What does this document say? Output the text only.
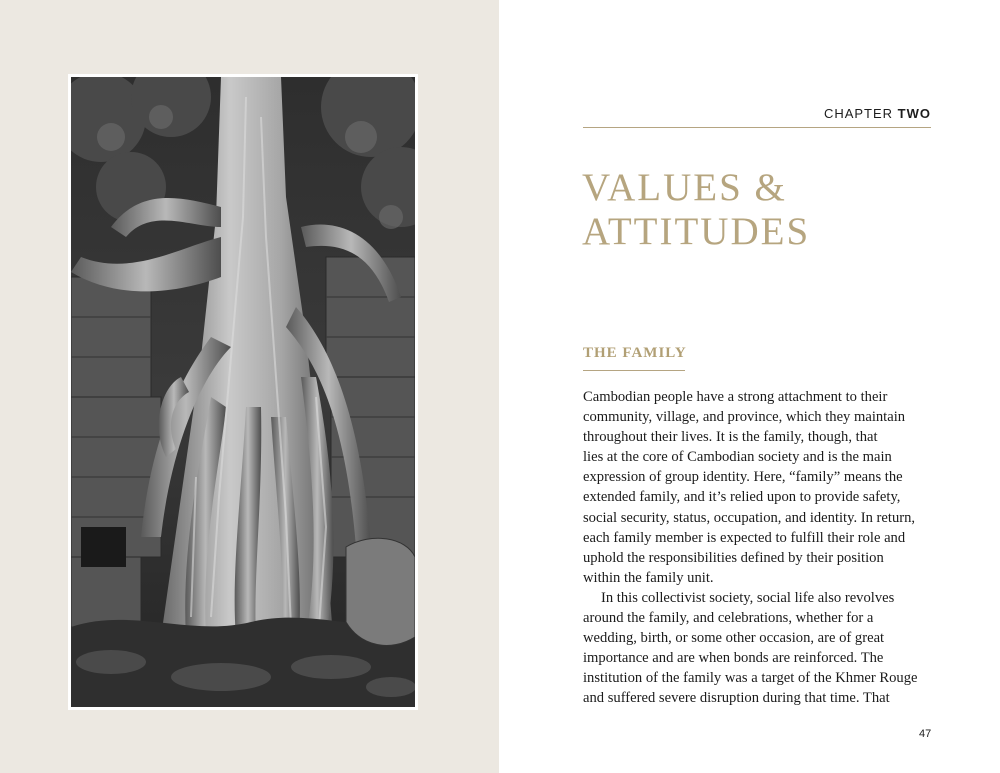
CHAPTER TWO
VALUES &
ATTITUDES
THE FAMILY
Cambodian people have a strong attachment to their
community, village, and province, which they maintain
throughout their lives. It is the family, though, that
lies at the core of Cambodian society and is the main
expression of group identity. Here, “family” means the
extended family, and it’s relied upon to provide safety,
social security, status, occupation, and identity. In return,
each family member is expected to fulfill their role and
uphold the responsibilities defined by their position
within the family unit.
In this collectivist society, social life also revolves
around the family, and celebrations, whether for a
wedding, birth, or some other occasion, are of great
importance and are when bonds are reinforced. The
institution of the family was a target of the Khmer Rouge
and suffered severe disruption during that time. That
47
